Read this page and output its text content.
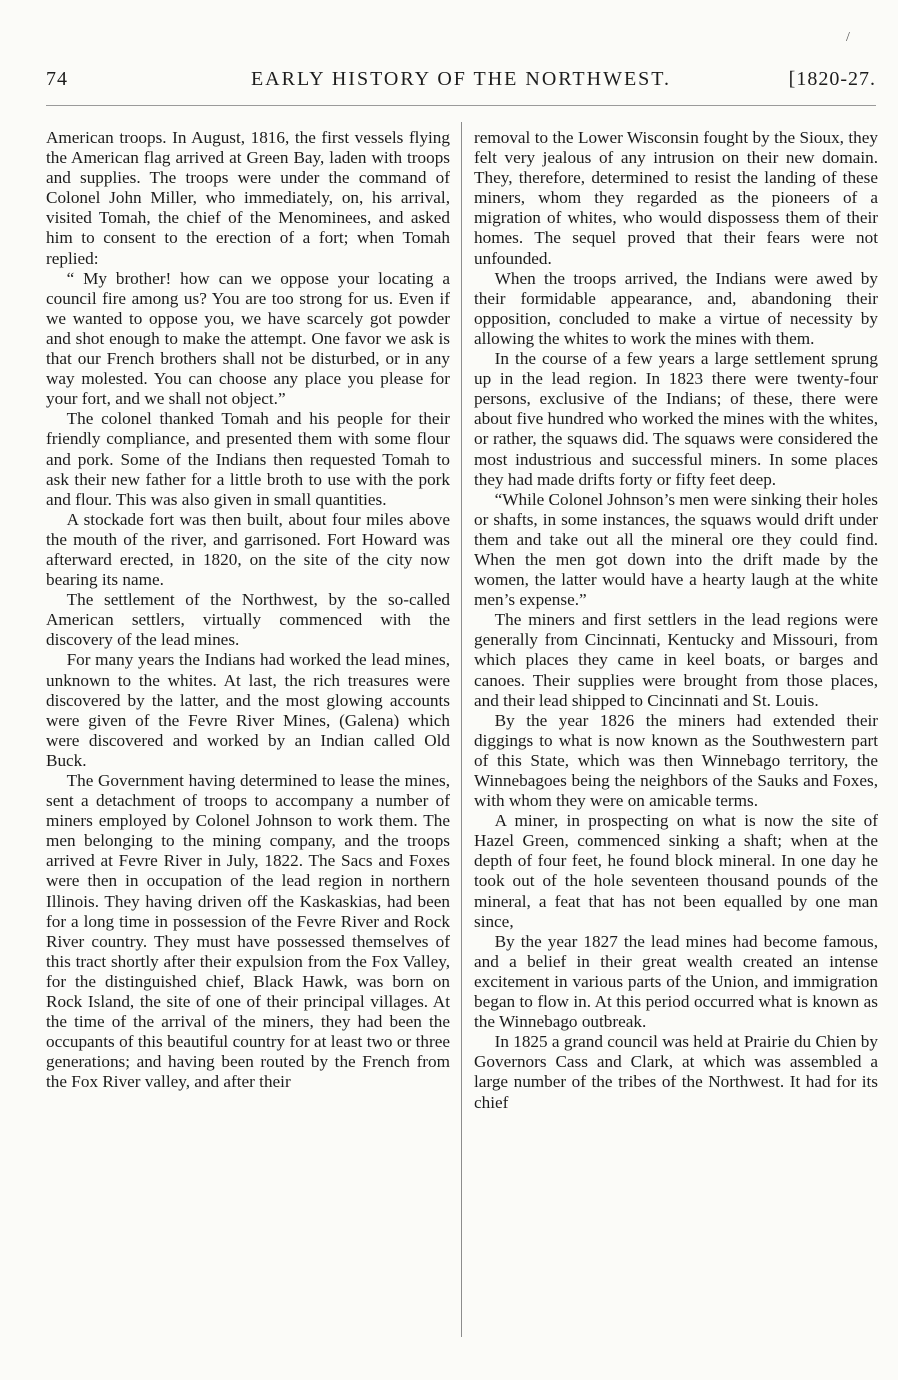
74	EARLY HISTORY OF THE NORTHWEST.	[1820-27.
/

American troops. In August, 1816, the first vessels flying the American flag arrived at Green Bay, laden with troops and supplies. The troops were under the command of Colonel John Miller, who immediately, on, his arrival, visited Tomah, the chief of the Menominees, and asked him to consent to the erection of a fort; when Tomah replied:

“ My brother! how can we oppose your locating a council fire among us? You are too strong for us. Even if we wanted to oppose you, we have scarcely got powder and shot enough to make the attempt. One favor we ask is that our French brothers shall not be disturbed, or in any way molested. You can choose any place you please for your fort, and we shall not object.”

The colonel thanked Tomah and his people for their friendly compliance, and presented them with some flour and pork. Some of the Indians then requested Tomah to ask their new father for a little broth to use with the pork and flour. This was also given in small quantities.

A stockade fort was then built, about four miles above the mouth of the river, and garrisoned. Fort Howard was afterward erected, in 1820, on the site of the city now bearing its name.

The settlement of the Northwest, by the so-called American settlers, virtually commenced with the discovery of the lead mines.

For many years the Indians had worked the lead mines, unknown to the whites. At last, the rich treasures were discovered by the latter, and the most glowing accounts were given of the Fevre River Mines, (Galena) which were discovered and worked by an Indian called Old Buck.

The Government having determined to lease the mines, sent a detachment of troops to accompany a number of miners employed by Colonel Johnson to work them. The men belonging to the mining company, and the troops arrived at Fevre River in July, 1822. The Sacs and Foxes were then in occupation of the lead region in northern Illinois. They having driven off the Kaskaskias, had been for a long time in possession of the Fevre River and Rock River country. They must have possessed themselves of this tract shortly after their expulsion from the Fox Valley, for the distinguished chief, Black Hawk, was born on Rock Island, the site of one of their principal villages. At the time of the arrival of the miners, they had been the occupants of this beautiful country for at least two or three generations; and having been routed by the French from the Fox River valley, and after their

removal to the Lower Wisconsin fought by the Sioux, they felt very jealous of any intrusion on their new domain. They, therefore, determined to resist the landing of these miners, whom they regarded as the pioneers of a migration of whites, who would dispossess them of their homes. The sequel proved that their fears were not unfounded.

When the troops arrived, the Indians were awed by their formidable appearance, and, abandoning their opposition, concluded to make a virtue of necessity by allowing the whites to work the mines with them.

In the course of a few years a large settlement sprung up in the lead region. In 1823 there were twenty-four persons, exclusive of the Indians; of these, there were about five hundred who worked the mines with the whites, or rather, the squaws did. The squaws were considered the most industrious and successful miners. In some places they had made drifts forty or fifty feet deep.

“While Colonel Johnson’s men were sinking their holes or shafts, in some instances, the squaws would drift under them and take out all the mineral ore they could find. When the men got down into the drift made by the women, the latter would have a hearty laugh at the white men’s expense.”

The miners and first settlers in the lead regions were generally from Cincinnati, Kentucky and Missouri, from which places they came in keel boats, or barges and canoes. Their supplies were brought from those places, and their lead shipped to Cincinnati and St. Louis.

By the year 1826 the miners had extended their diggings to what is now known as the Southwestern part of this State, which was then Winnebago territory, the Winnebagoes being the neighbors of the Sauks and Foxes, with whom they were on amicable terms.

A miner, in prospecting on what is now the site of Hazel Green, commenced sinking a shaft; when at the depth of four feet, he found block mineral. In one day he took out of the hole seventeen thousand pounds of the mineral, a feat that has not been equalled by one man since,

By the year 1827 the lead mines had become famous, and a belief in their great wealth created an intense excitement in various parts of the Union, and immigration began to flow in. At this period occurred what is known as the Winnebago outbreak.

In 1825 a grand council was held at Prairie du Chien by Governors Cass and Clark, at which was assembled a large number of the tribes of the Northwest. It had for its chief
